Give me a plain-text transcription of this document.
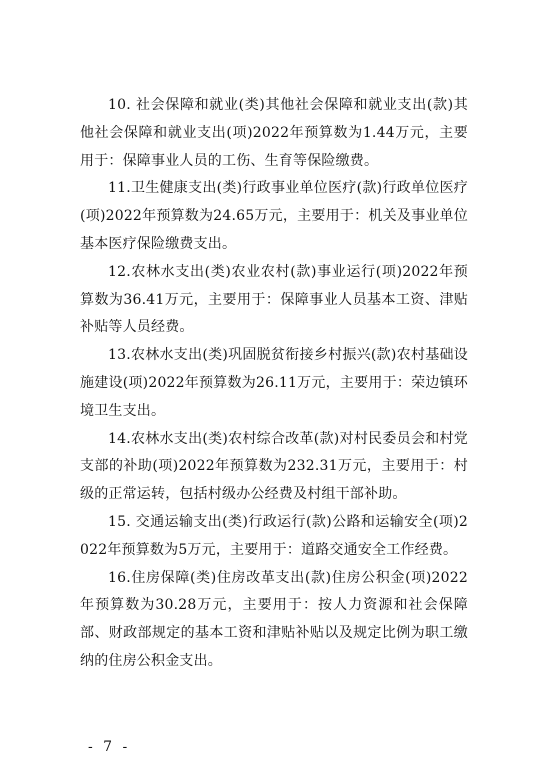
10. 社会保障和就业(类)其他社会保障和就业支出(款)其他社会保障和就业支出(项)2022年预算数为1.44万元，主要用于：保障事业人员的工伤、生育等保险缴费。

11.卫生健康支出(类)行政事业单位医疗(款)行政单位医疗(项)2022年预算数为24.65万元，主要用于：机关及事业单位基本医疗保险缴费支出。

12.农林水支出(类)农业农村(款)事业运行(项)2022年预算数为36.41万元，主要用于：保障事业人员基本工资、津贴补贴等人员经费。

13.农林水支出(类)巩固脱贫衔接乡村振兴(款)农村基础设施建设(项)2022年预算数为26.11万元，主要用于：荣边镇环境卫生支出。

14.农林水支出(类)农村综合改革(款)对村民委员会和村党支部的补助(项)2022年预算数为232.31万元，主要用于：村级的正常运转，包括村级办公经费及村组干部补助。

15. 交通运输支出(类)行政运行(款)公路和运输安全(项)2022年预算数为5万元，主要用于：道路交通安全工作经费。

16.住房保障(类)住房改革支出(款)住房公积金(项)2022年预算数为30.28万元，主要用于：按人力资源和社会保障部、财政部规定的基本工资和津贴补贴以及规定比例为职工缴纳的住房公积金支出。

- 7 -
